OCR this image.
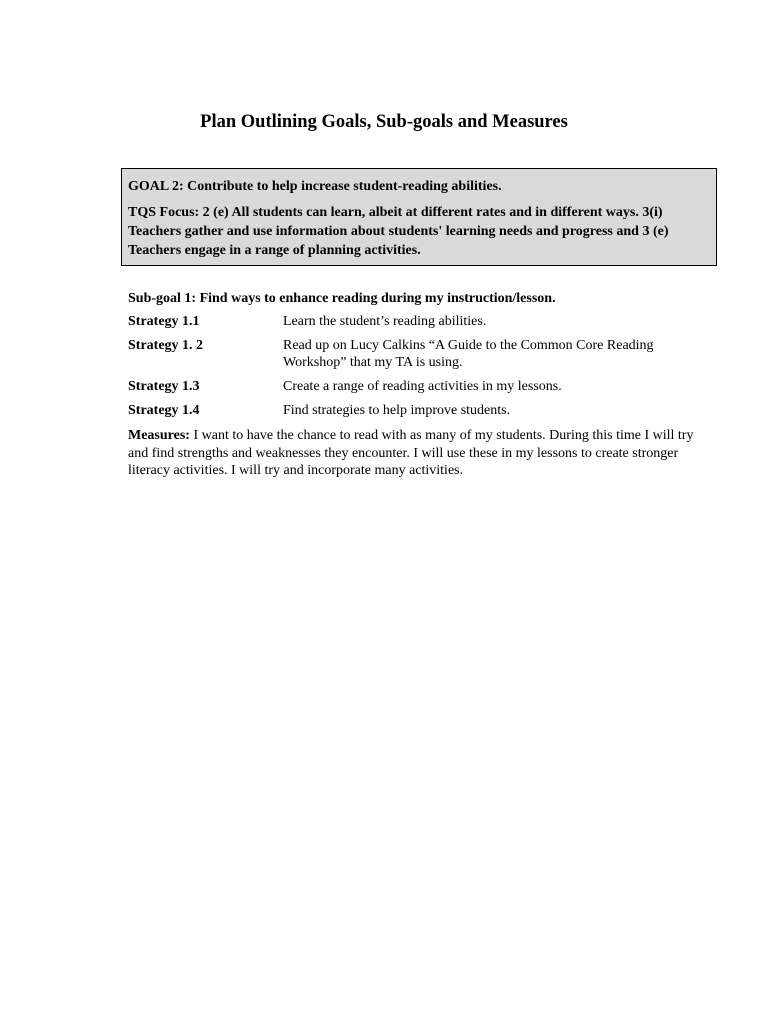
Plan Outlining Goals, Sub-goals and Measures

GOAL 2: Contribute to help increase student-reading abilities.

TQS Focus: 2 (e) All students can learn, albeit at different rates and in different ways. 3(i) Teachers gather and use information about students' learning needs and progress and 3 (e) Teachers engage in a range of planning activities.

Sub-goal 1: Find ways to enhance reading during my instruction/lesson.
Strategy 1.1	Learn the student’s reading abilities.
Strategy 1. 2	Read up on Lucy Calkins “A Guide to the Common Core Reading Workshop” that my TA is using.
Strategy 1.3	Create a range of reading activities in my lessons.
Strategy 1.4	Find strategies to help improve students.
Measures: I want to have the chance to read with as many of my students. During this time I will try and find strengths and weaknesses they encounter. I will use these in my lessons to create stronger literacy activities. I will try and incorporate many activities.
